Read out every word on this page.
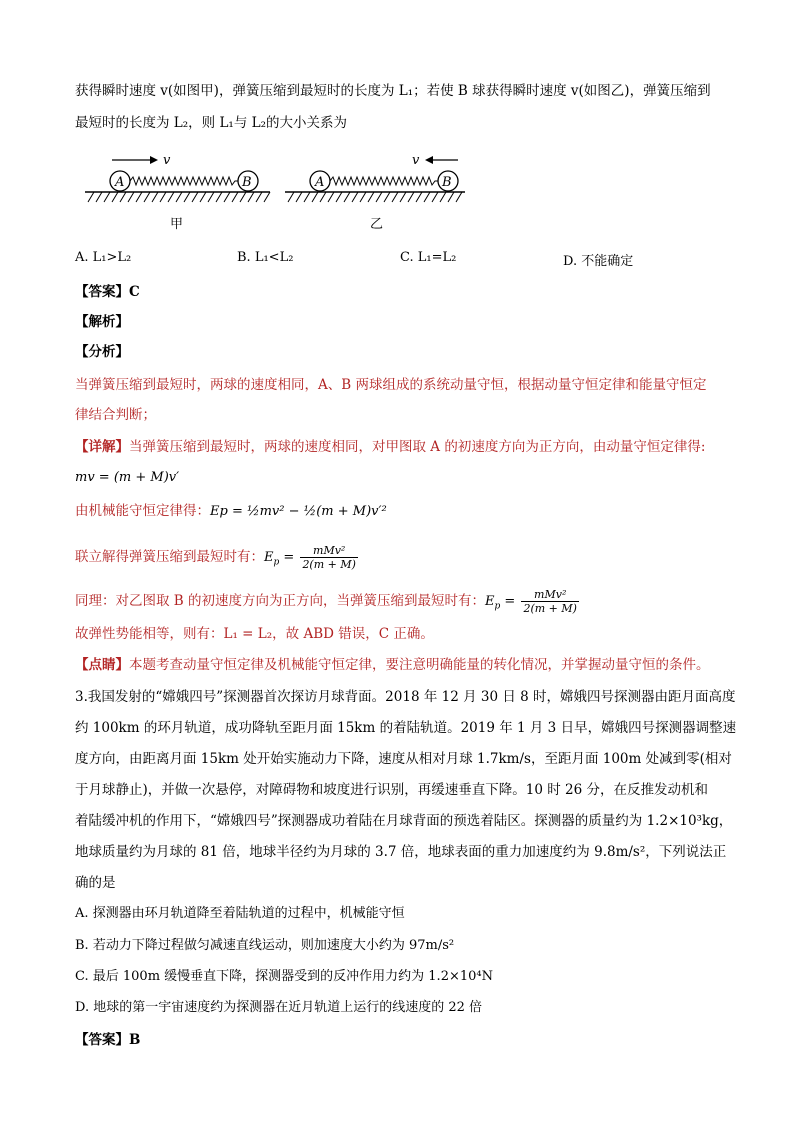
获得瞬时速度 v(如图甲)，弹簧压缩到最短时的长度为 L₁；若使 B 球获得瞬时速度 v(如图乙)，弹簧压缩到
最短时的长度为 L₂，则 L₁与 L₂的大小关系为
v
A	B
甲
v
A	B
乙
A. L₁>L₂	B. L₁<L₂	C. L₁=L₂	D. 不能确定
【答案】C
【解析】
【分析】
当弹簧压缩到最短时，两球的速度相同，A、B 两球组成的系统动量守恒，根据动量守恒定律和能量守恒定
律结合判断；
【详解】当弹簧压缩到最短时，两球的速度相同，对甲图取 A 的初速度方向为正方向，由动量守恒定律得:
mv = (m + M)v′
由机械能守恒定律得：Ep = ½mv² − ½(m + M)v′²
联立解得弹簧压缩到最短时有：$E_p = \frac{\text{mMv²}}{2(m + M)}$
同理：对乙图取 B 的初速度方向为正方向，当弹簧压缩到最短时有：$E_p = \frac{\text{mMv²}}{2(m + M)}$
故弹性势能相等，则有：L₁ = L₂，故 ABD 错误，C 正确。
【点睛】本题考查动量守恒定律及机械能守恒定律，要注意明确能量的转化情况，并掌握动量守恒的条件。
3.我国发射的“嫦娥四号”探测器首次探访月球背面。2018 年 12 月 30 日 8 时，嫦娥四号探测器由距月面高度
约 100km 的环月轨道，成功降轨至距月面 15km 的着陆轨道。2019 年 1 月 3 日早，嫦娥四号探测器调整速
度方向，由距离月面 15km 处开始实施动力下降，速度从相对月球 1.7km/s，至距月面 100m 处减到零(相对
于月球静止)，并做一次悬停，对障碍物和坡度进行识别，再缓速垂直下降。10 时 26 分，在反推发动机和
着陆缓冲机的作用下，“嫦娥四号”探测器成功着陆在月球背面的预选着陆区。探测器的质量约为 1.2×10³kg，
地球质量约为月球的 81 倍，地球半径约为月球的 3.7 倍，地球表面的重力加速度约为 9.8m/s²，下列说法正
确的是
A. 探测器由环月轨道降至着陆轨道的过程中，机械能守恒
B. 若动力下降过程做匀减速直线运动，则加速度大小约为 97m/s²
C. 最后 100m 缓慢垂直下降，探测器受到的反冲作用力约为 1.2×10⁴N
D. 地球的第一宇宙速度约为探测器在近月轨道上运行的线速度的 22 倍
【答案】B
